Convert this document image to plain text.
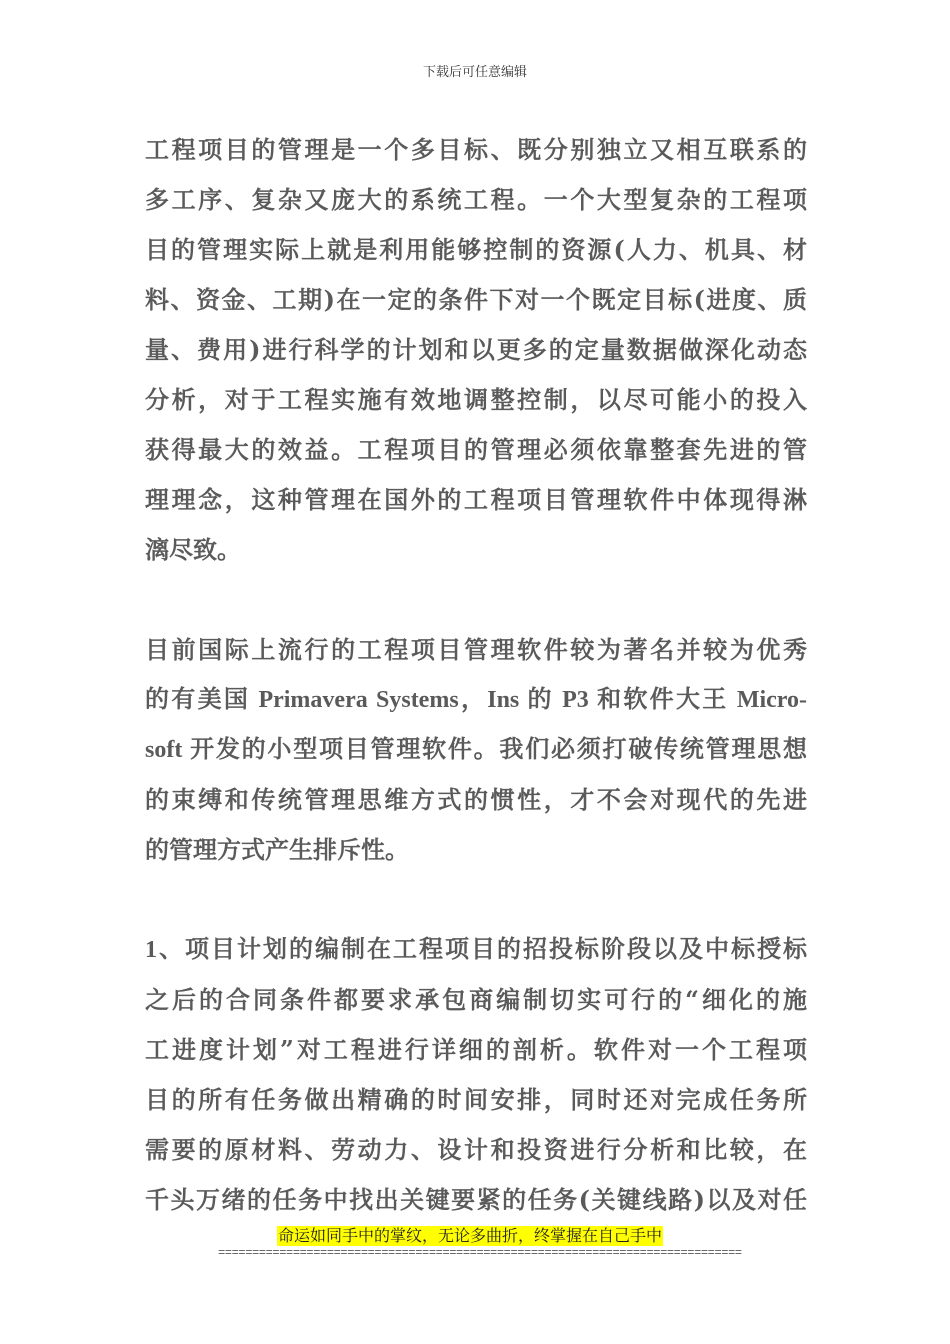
下载后可任意编辑
工程项目的管理是一个多目标、既分别独立又相互联系的
多工序、复杂又庞大的系统工程。一个大型复杂的工程项
目的管理实际上就是利用能够控制的资源(人力、机具、材
料、资金、工期)在一定的条件下对一个既定目标(进度、质
量、费用)进行科学的计划和以更多的定量数据做深化动态
分析，对于工程实施有效地调整控制，以尽可能小的投入
获得最大的效益。工程项目的管理必须依靠整套先进的管
理理念，这种管理在国外的工程项目管理软件中体现得淋
漓尽致。
目前国际上流行的工程项目管理软件较为著名并较为优秀
的有美国 Primavera Systems，Ins 的 P3 和软件大王 Micro-
soft 开发的小型项目管理软件。我们必须打破传统管理思想
的束缚和传统管理思维方式的惯性，才不会对现代的先进
的管理方式产生排斥性。
1、项目计划的编制在工程项目的招投标阶段以及中标授标
之后的合同条件都要求承包商编制切实可行的“细化的施
工进度计划”对工程进行详细的剖析。软件对一个工程项
目的所有任务做出精确的时间安排，同时还对完成任务所
需要的原材料、劳动力、设计和投资进行分析和比较，在
千头万绪的任务中找出关键要紧的任务(关键线路)以及对任
命运如同手中的掌纹，无论多曲折，终掌握在自己手中
=============================================================================
